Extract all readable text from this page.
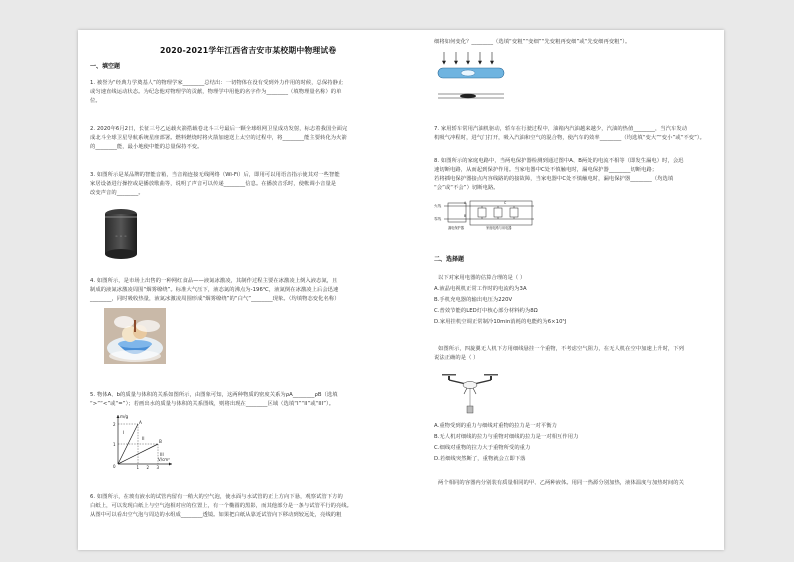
2020-2021学年江西省吉安市某校期中物理试卷
一、填空题
1. 被誉为“经典力学奠基人”的物理学家________总结出：一切物体在没有受到外力作用的时候，总保持静止
或匀速直线运动状态。为纪念他对物理学的贡献，物理学中用他的名字作为________（填物理量名称）的单
位。
2. 2020年6月2日，长征三号乙运载火箭搭载卷北斗三号最后一颗全球组网卫星成功发射，标志着我国全面完
成北斗全球卫星导航系统星座部署。燃料燃烧时将火箭加速送上太空的过程中，将________能主要转化为火箭
的________能，最小地使中能的总量保持不变。
3. 如图所示是某品牌的智能音箱，当音箱连接无线网络（Wi-Fi）后，即用可以用语音指示使其对一些智能
家居设备进行操控或是播放歌曲等，说明了声音可以传递________信息。在播放音乐时，使帐调小音量是
改变声音的________。
◦ ◦ ◦
4. 如图所示，是市场上出售的一种网红食品——液氮冰激凌，其制作过程主要在冰激凌上倒入液态氮，且
制成的液氮冰激凌周围“烟雾缭绕”。标准大气压下，液态氮的沸点为-196℃，液氮倒在冰激凌上后会迅速
________，同时吸收热量，液氮冰激凌周围形成“烟雾缭绕”的“白气”________现象。（均填物态变化名称）
5. 物体A、b的质量与体积的关系如图所示，由图象可知，这两种物质的密度关系为ρA________ρB（选填
“>”“<”或“=”）；若画出水的质量与体积的关系图线，则将出现在________区域（选填“I”“II”或“III”）。
m/g
V/cm³
0	1 2 3
2
1
A
B
I
II
III
6. 如图所示，在玻有液水的试管内留有一稍大的空气泡，使水面与水试管的正上方向下悬，观察试管下方的
白纸上，可以发现白纸上与空气泡相对应的位置上，有一个椭圆的黑影，而其他部分是一条与试管平行的亮线。
从图中可以看出空气泡与周边的水组成________透镜。如果把白纸从靠近试管向下移动到较远处，亮线的粗
细将如何变化？________（选填“变粗”“变细”“先变粗再变细”或“先变细再变粗”）。
7. 家用轿车常用汽油机驱动，轿车在行驶过程中，油箱内汽油越来越少，汽油的热值________，当汽车发动
机吸气冲程时，进气门打开，吸入汽油和空气的混合物，使汽车的效率________（均选填“变大”“变小”或“不变”）。
8. 如图所示的家庭电路中，当两电保护器检测到通过图中A、B两处的电流不相等（即发生漏电）时，会迅
速切断电路，从而起到保护作用。当家电器中C处不慎触电时，漏电保护器________切断电路；
若将插电保护器接点内容线路的的接故障，当家电器中C处不慎触电时，漏电保护器________（均选填
“会”或“不会”）切断电路。
火线
零线
A
B
C
漏电保护器	家庭电路与用电器
二、选择题
以下对家用电器的估算合理的是（ ）
A.液晶电视机正常工作时的电流约为3A
B.手机充电器的输出电压为220V
C.普效节能的LED灯中核心部分材料约为8Ω
D.家用挂机空调正常制冷10min消耗的电能约为6×10⁵J
如图所示，四旋翼无人机下方用细线悬挂一个重物，不考虑空气阻力，在无人机在空中加速上升时，下列
说法正确的是（ ）
A.重物受到的重力与细线对重物的拉力是一对平衡力
B.无人机对细线的拉力与重物对细线的拉力是一对相互作用力
C.细线对重物的拉力大于重物所受的重力
D.若细线突然断了，重物就会立即下落
两个相同的容器内分别装有质量相同的甲、乙两种液体。用同一热源分别加热，液体温度与加热时间的关
